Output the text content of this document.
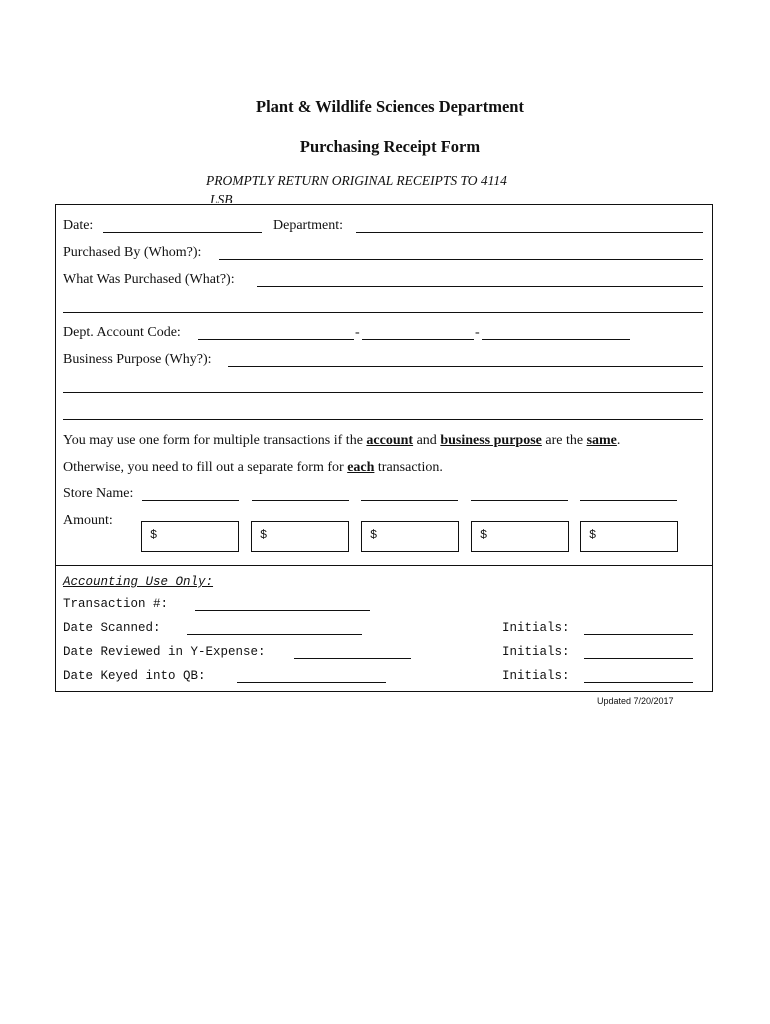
Plant & Wildlife Sciences Department
Purchasing Receipt Form
PROMPTLY RETURN ORIGINAL RECEIPTS TO 4114
LSB
Date:	Department:
Purchased By (Whom?):
What Was Purchased (What?):
Dept. Account Code:	-	-
Business Purpose (Why?):
You may use one form for multiple transactions if the account and business purpose are the same.
Otherwise, you need to fill out a separate form for each transaction.
Store Name:
Amount:
$	$	$	$	$
Accounting Use Only:
Transaction #:
Date Scanned:	Initials:
Date Reviewed in Y-Expense:	Initials:
Date Keyed into QB:	Initials:
Updated 7/20/2017
